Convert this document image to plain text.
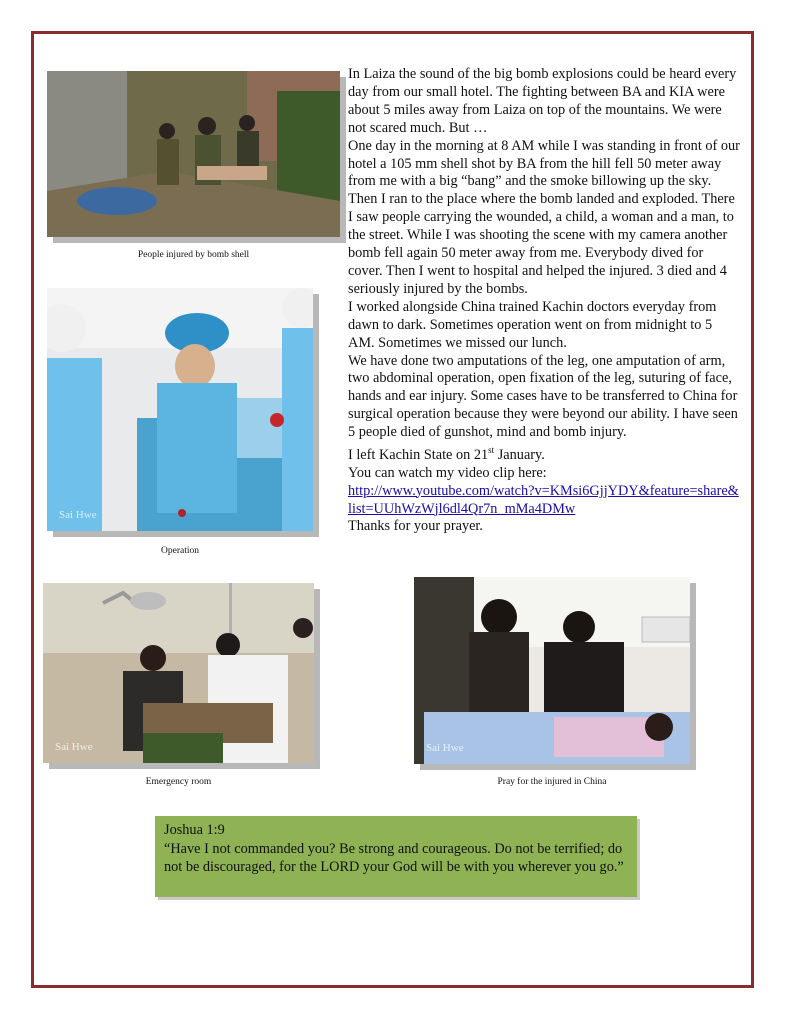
People injured by bomb shell
Sai Hwe
Operation
Sai Hwe
Emergency room
Sai Hwe
Pray for the injured in China

In Laiza the sound of the big bomb explosions could be heard every day from our small hotel. The fighting between BA and KIA were about 5 miles away from Laiza on top of the mountains. We were not scared much. But …

One day in the morning at 8 AM while I was standing in front of our hotel a 105 mm shell shot by BA from the hill fell 50 meter away from me with a big “bang” and the smoke billowing up the sky. Then I ran to the place where the bomb landed and exploded. There I saw people carrying the wounded, a child, a woman and a man, to the street. While I was shooting the scene with my camera another bomb fell again 50 meter away from me. Everybody dived for cover. Then I went to hospital and helped the injured. 3 died and 4 seriously injured by the bombs.

I worked alongside China trained Kachin doctors everyday from dawn to dark. Sometimes operation went on from midnight to 5 AM. Sometimes we missed our lunch.

We have done two amputations of the leg, one amputation of arm, two abdominal operation, open fixation of the leg, suturing of face, hands and ear injury. Some cases have to be transferred to China for surgical operation because they were beyond our ability. I have seen 5 people died of gunshot, mind and bomb injury.

I left Kachin State on 21st January.

You can watch my video clip here:

http://www.youtube.com/watch?v=KMsi6GjjYDY&feature=share&list=UUhWzWjl6dl4Qr7n_mMa4DMw

Thanks for your prayer.

Joshua 1:9

“Have I not commanded you? Be strong and courageous. Do not be terrified; do not be discouraged, for the LORD your God will be with you wherever you go.”
